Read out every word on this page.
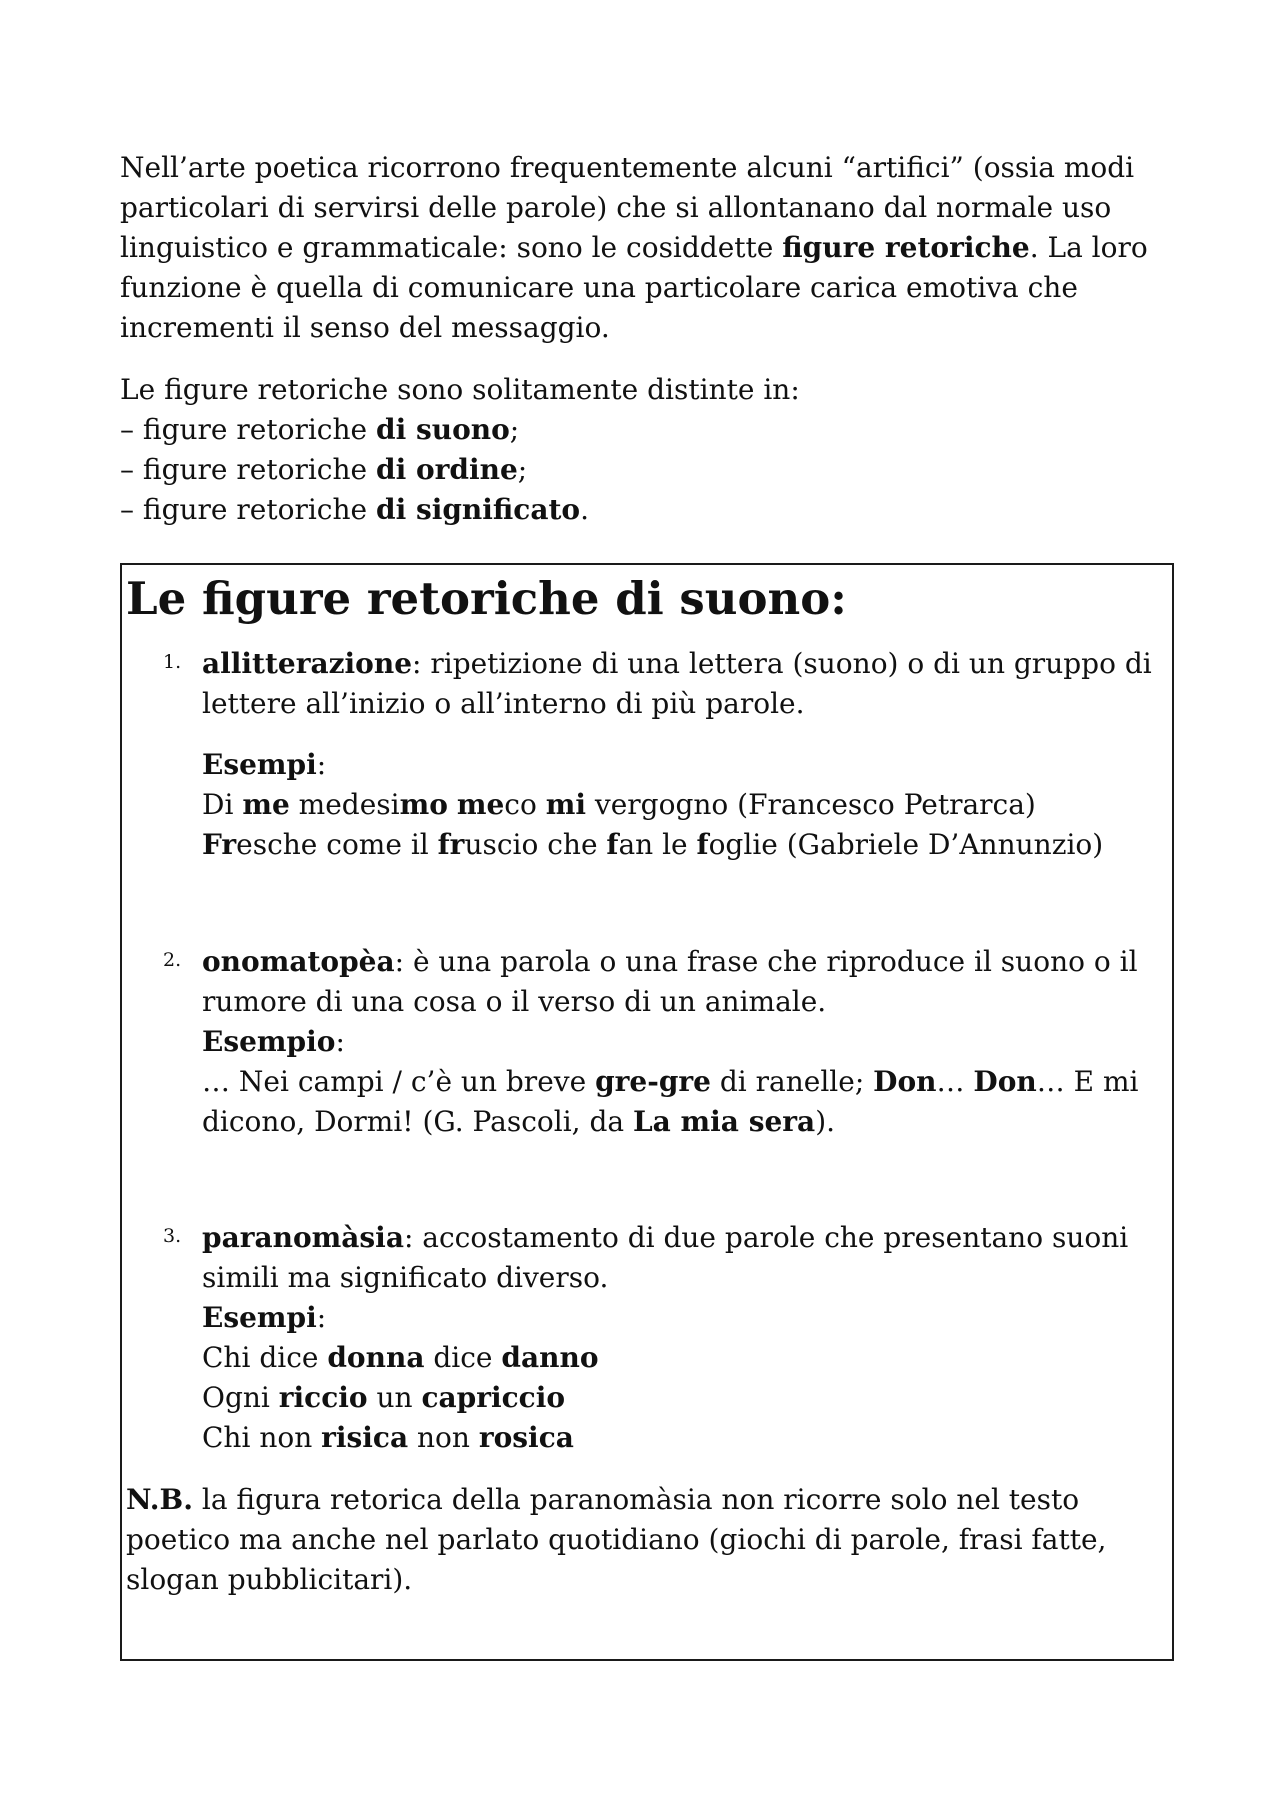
Nell’arte poetica ricorrono frequentemente alcuni “artifici” (ossia modi particolari di servirsi delle parole) che si allontanano dal normale uso linguistico e grammaticale: sono le cosiddette figure retoriche. La loro funzione è quella di comunicare una particolare carica emotiva che incrementi il senso del messaggio.

Le figure retoriche sono solitamente distinte in:

– figure retoriche di suono;

– figure retoriche di ordine;

– figure retoriche di significato.

Le figure retoriche di suono:
1. allitterazione: ripetizione di una lettera (suono) o di un gruppo di lettere all’inizio o all’interno di più parole.

Esempi:

Di me medesimo meco mi vergogno (Francesco Petrarca)

Fresche come il fruscio che fan le foglie (Gabriele D’Annunzio)

2. onomatopèa: è una parola o una frase che riproduce il suono o il rumore di una cosa o il verso di un animale.

Esempio:

… Nei campi / c’è un breve gre-gre di ranelle; Don… Don… E mi dicono, Dormi! (G. Pascoli, da La mia sera).

3. paranomàsia: accostamento di due parole che presentano suoni simili ma significato diverso.

Esempi:

Chi dice donna dice danno

Ogni riccio un capriccio

Chi non risica non rosica

N.B. la figura retorica della paranomàsia non ricorre solo nel testo poetico ma anche nel parlato quotidiano (giochi di parole, frasi fatte, slogan pubblicitari).
